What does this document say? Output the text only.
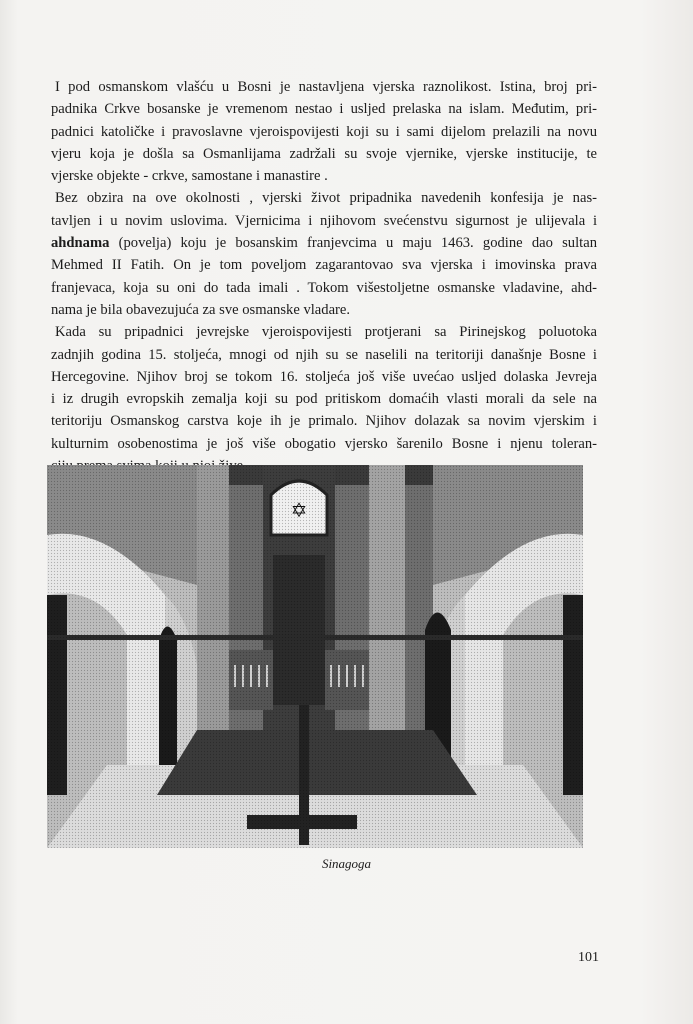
I pod osmanskom vlašću u Bosni je nastavljena vjerska raznolikost. Istina, broj pri-
padnika Crkve bosanske je vremenom nestao i usljed prelaska na islam. Međutim, pri-
padnici katoličke i pravoslavne vjeroispovijesti koji su i sami dijelom prelazili na novu
vjeru koja je došla sa Osmanlijama zadržali su svoje vjernike, vjerske institucije, te
vjerske objekte - crkve, samostane i manastire .

Bez obzira na ove okolnosti , vjerski život pripadnika navedenih konfesija je nas-
tavljen i u novim uslovima. Vjernicima i njihovom svećenstvu sigurnost je ulijevala i
ahdnama (povelja) koju je bosanskim franjevcima u maju 1463. godine dao sultan
Mehmed II Fatih. On je tom poveljom zagarantovao sva vjerska i imovinska prava
franjevaca, koja su oni do tada imali . Tokom višestoljetne osmanske vladavine, ahd-
nama je bila obavezujuća za sve osmanske vladare.

Kada su pripadnici jevrejske vjeroispovijesti protjerani sa Pirinejskog poluotoka
zadnjih godina 15. stoljeća, mnogi od njih su se naselili na teritoriji današnje Bosne i
Hercegovine. Njihov broj se tokom 16. stoljeća još više uvećao usljed dolaska Jevreja
i iz drugih evropskih zemalja koji su pod pritiskom domaćih vlasti morali da sele na
teritoriju Osmanskog carstva koje ih je primalo. Njihov dolazak sa novim vjerskim i
kulturnim osobenostima je još više obogatio vjersko šarenilo Bosne i njenu toleran-

Sinagoga
101
